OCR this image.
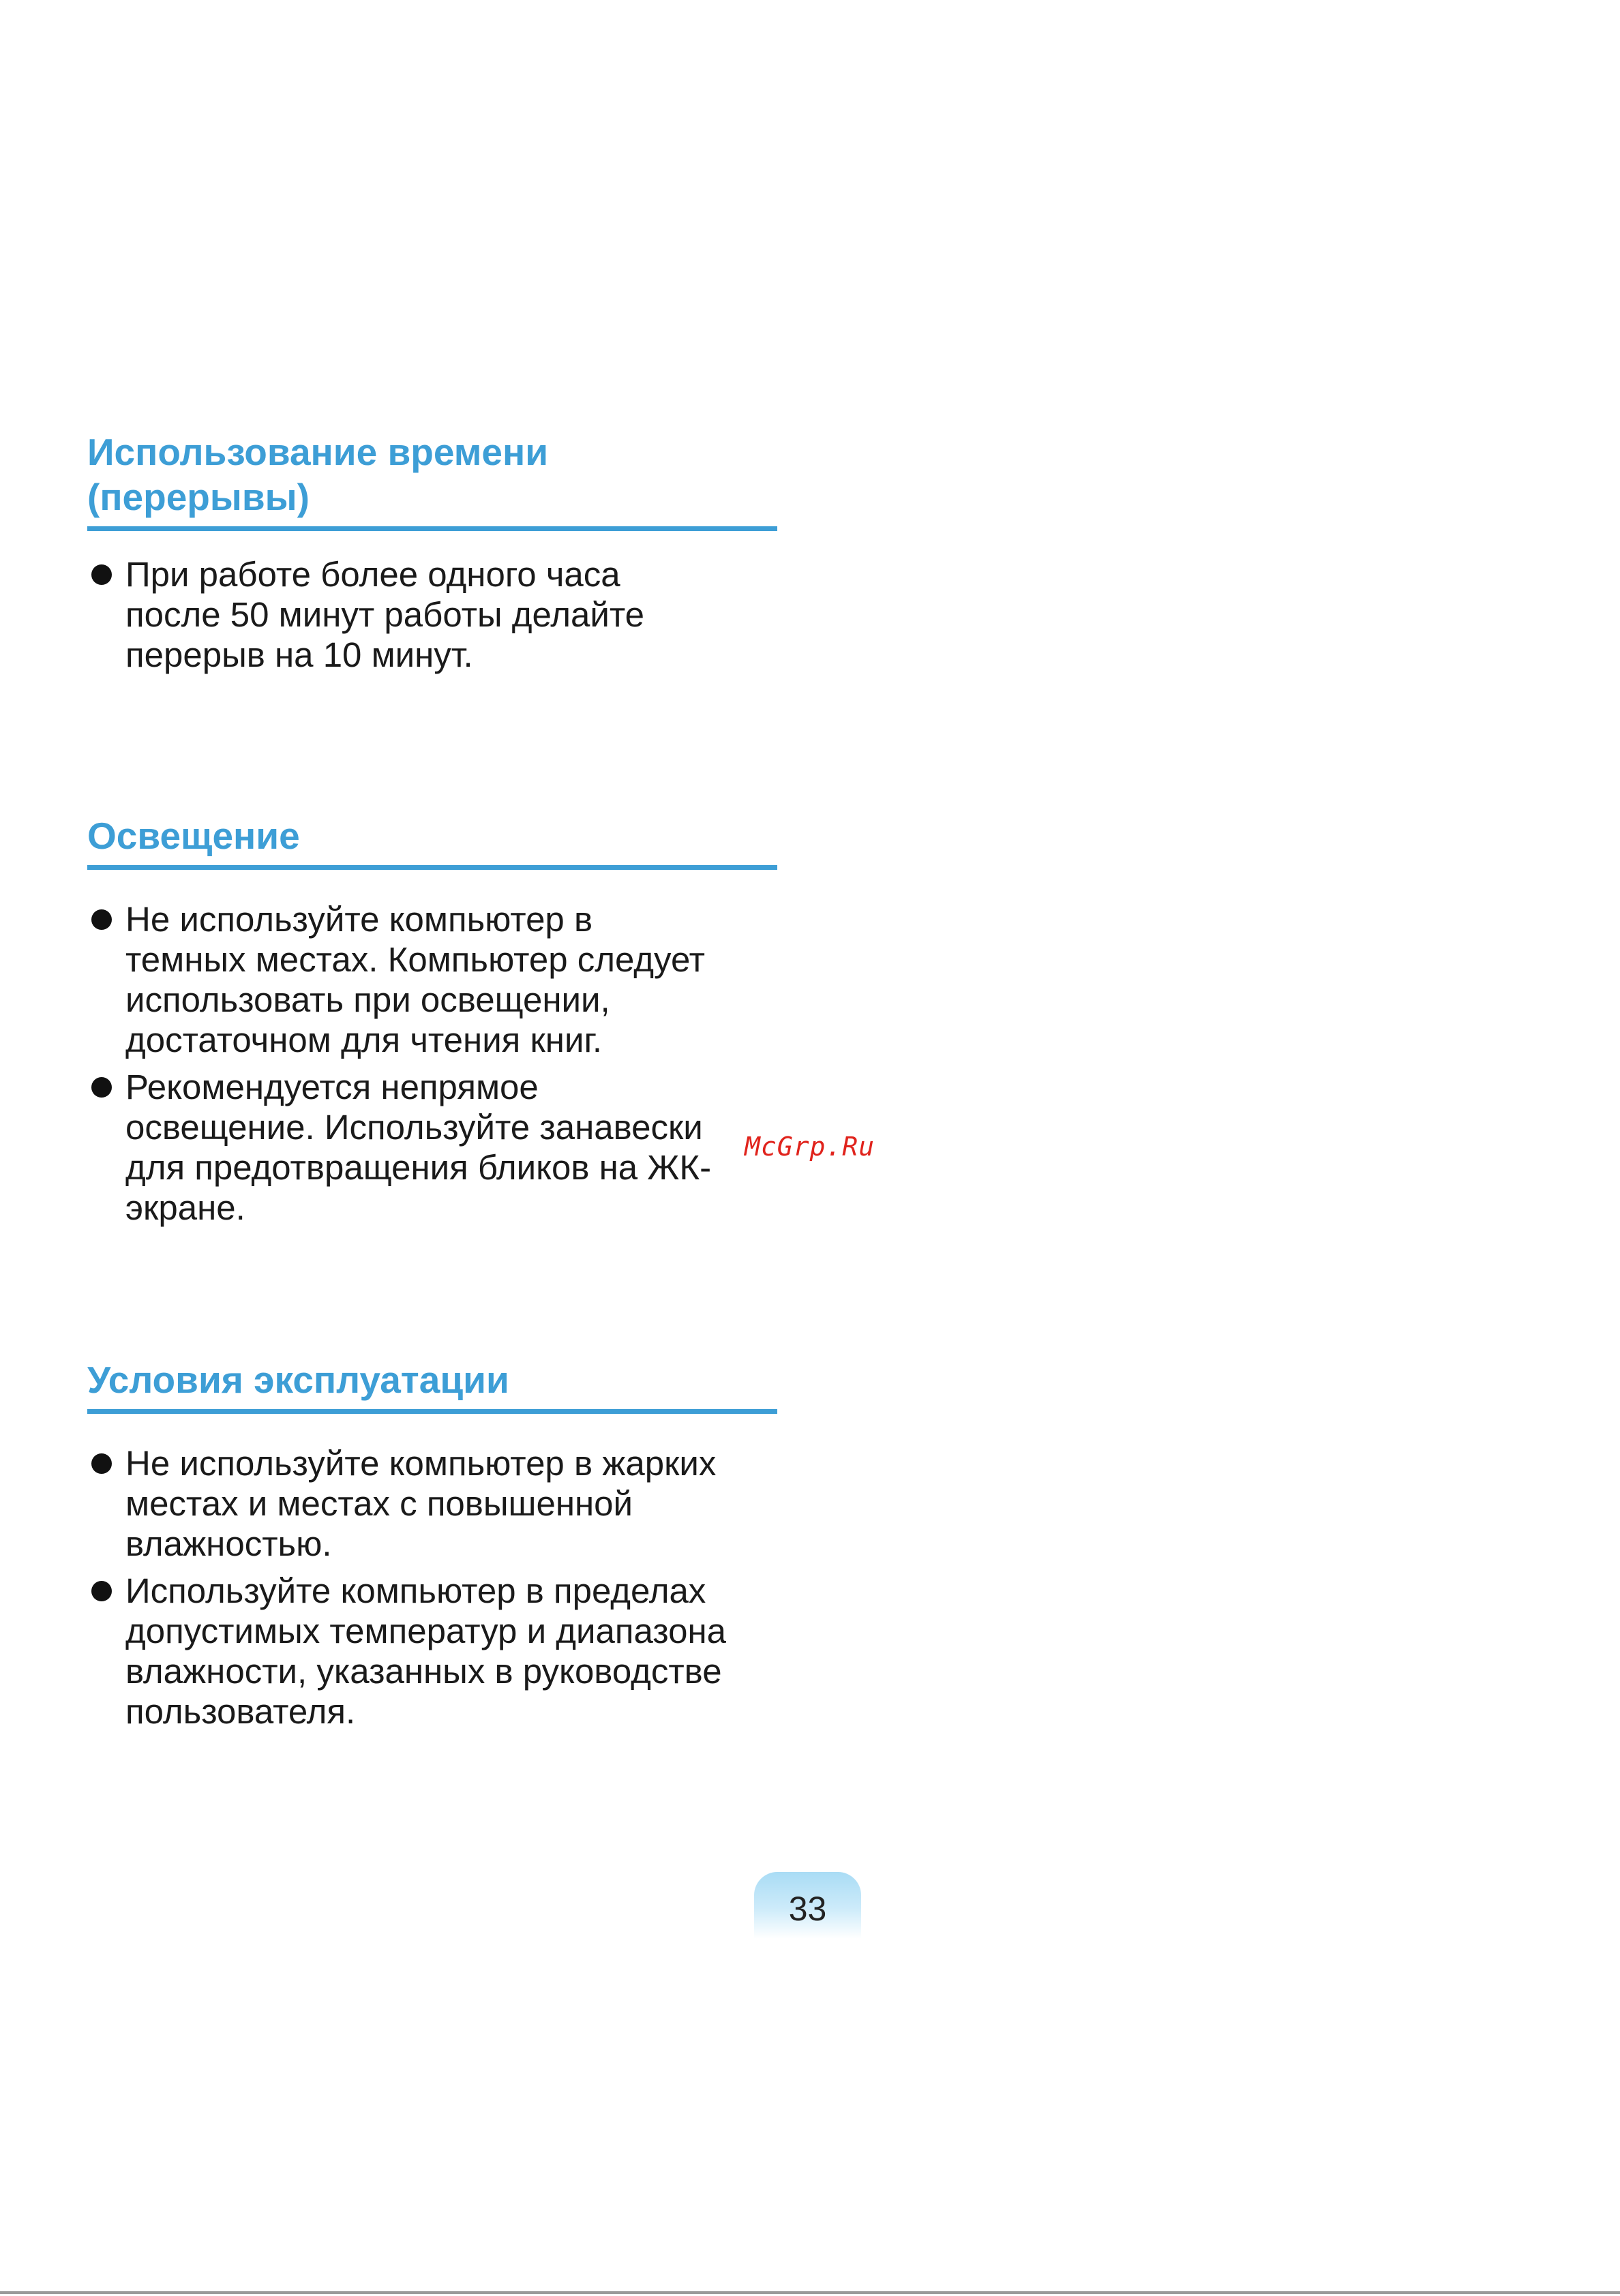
Использование времени
(перерывы)
При работе более одного часа
после 50 минут работы делайте
перерыв на 10 минут.
Освещение
Не используйте компьютер в
темных местах. Компьютер следует
использовать при освещении,
достаточном для чтения книг.
Рекомендуется непрямое
освещение. Используйте занавески
для предотвращения бликов на ЖК-
экране.
Условия эксплуатации
Не используйте компьютер в жарких
местах и местах с повышенной
влажностью.
Используйте компьютер в пределах
допустимых температур и диапазона
влажности, указанных в руководстве
пользователя.
McGrp.Ru
33
